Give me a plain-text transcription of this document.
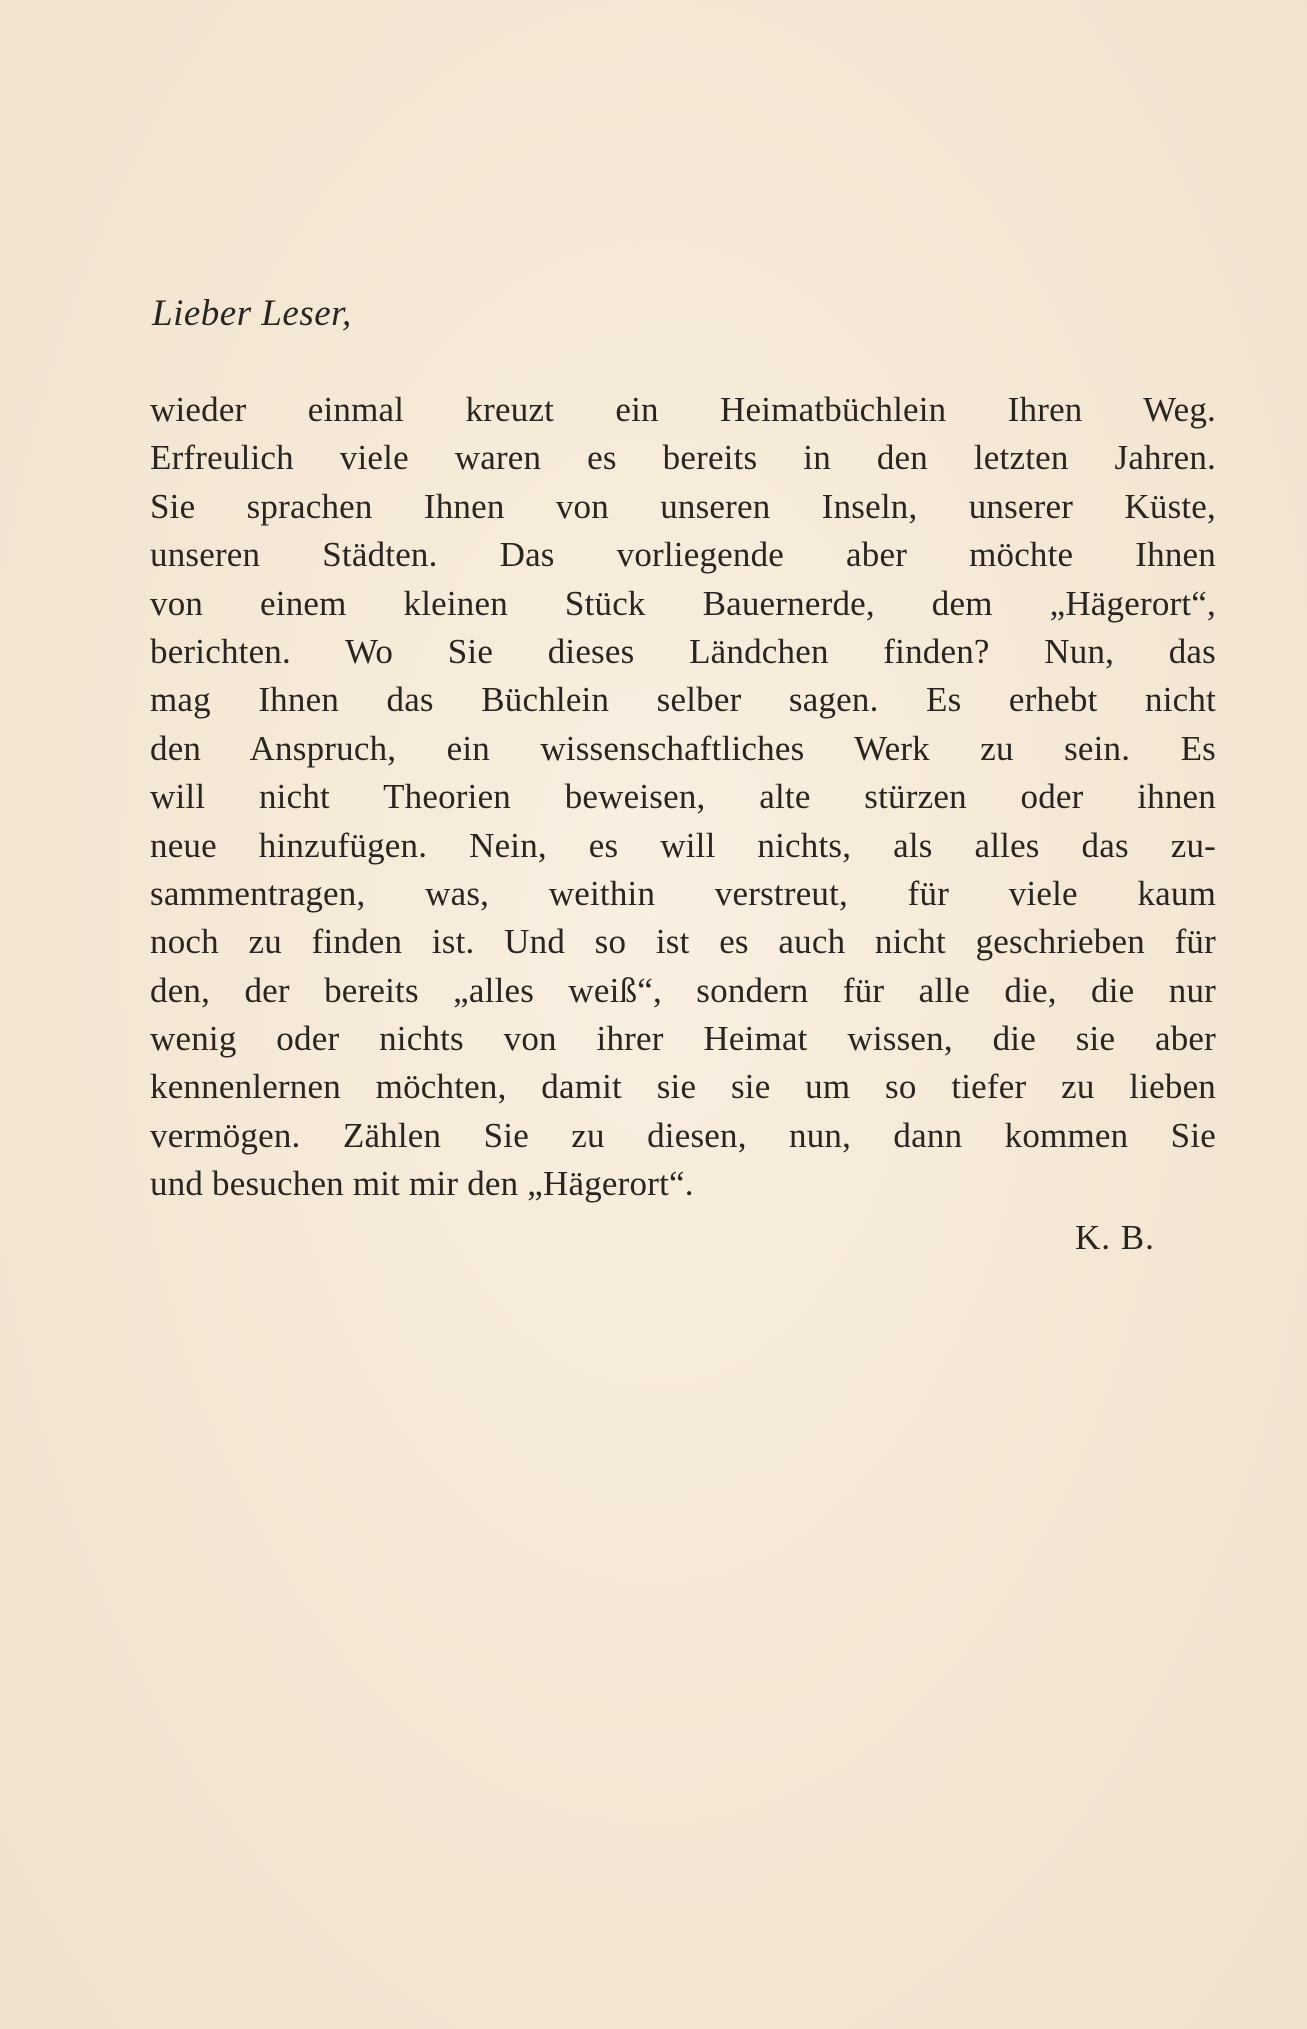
Lieber Leser,
wieder einmal kreuzt ein Heimatbüchlein Ihren Weg.
Erfreulich viele waren es bereits in den letzten Jahren.
Sie sprachen Ihnen von unseren Inseln, unserer Küste,
unseren Städten. Das vorliegende aber möchte Ihnen
von einem kleinen Stück Bauernerde, dem „Hägerort“,
berichten. Wo Sie dieses Ländchen finden? Nun, das
mag Ihnen das Büchlein selber sagen. Es erhebt nicht
den Anspruch, ein wissenschaftliches Werk zu sein. Es
will nicht Theorien beweisen, alte stürzen oder ihnen
neue hinzufügen. Nein, es will nichts, als alles das zu-
sammentragen, was, weithin verstreut, für viele kaum
noch zu finden ist. Und so ist es auch nicht geschrieben für
den, der bereits „alles weiß“, sondern für alle die, die nur
wenig oder nichts von ihrer Heimat wissen, die sie aber
kennenlernen möchten, damit sie sie um so tiefer zu lieben
vermögen. Zählen Sie zu diesen, nun, dann kommen Sie
und besuchen mit mir den „Hägerort“.
K. B.
